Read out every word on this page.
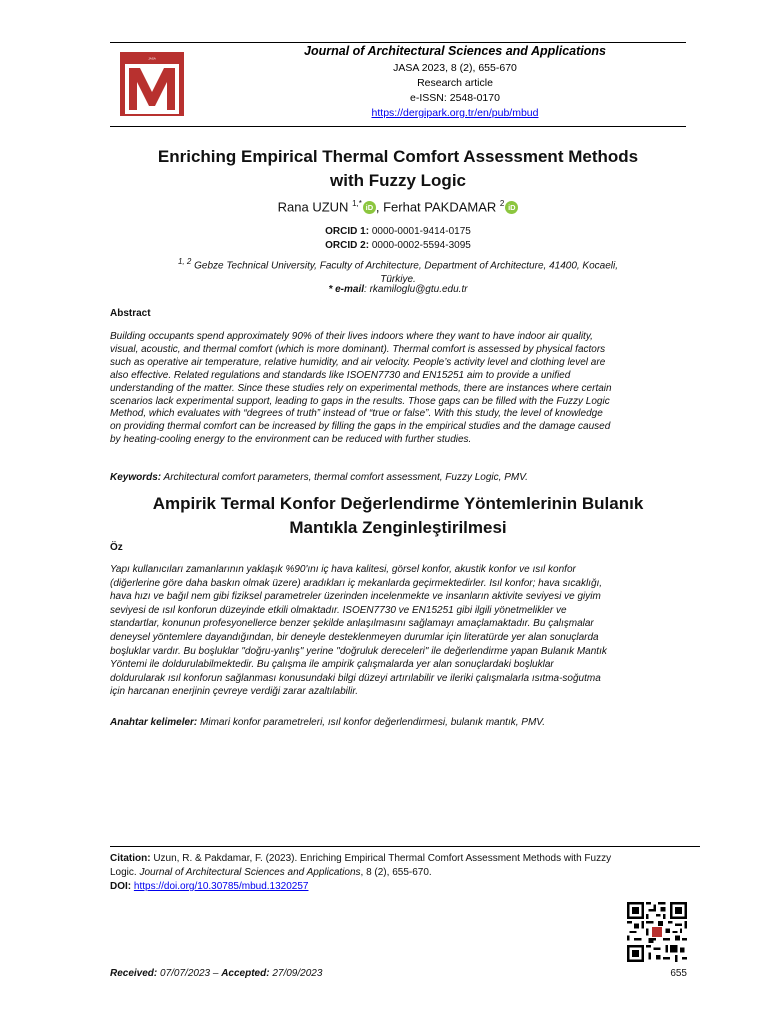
JASA
Journal of Architectural Sciences and Applications
JASA 2023, 8 (2), 655-670
Research article
e-ISSN: 2548-0170
https://dergipark.org.tr/en/pub/mbud
Enriching Empirical Thermal Comfort Assessment Methods
with Fuzzy Logic
Rana UZUN $^{1,*}$ iD , Ferhat PAKDAMAR $^2$ iD
ORCID 1: 0000-0001-9414-0175
ORCID 2: 0000-0002-5594-3095
$^{1, 2}$ Gebze Technical University, Faculty of Architecture, Department of Architecture, 41400, Kocaeli,
Türkiye.
* e-mail: rkamiloglu@gtu.edu.tr
Abstract
Building occupants spend approximately 90% of their lives indoors where they want to have indoor air quality,
visual, acoustic, and thermal comfort (which is more dominant). Thermal comfort is assessed by physical factors
such as operative air temperature, relative humidity, and air velocity. People’s activity level and clothing level are
also effective. Related regulations and standards like ISOEN7730 and EN15251 aim to provide a unified
understanding of the matter. Since these studies rely on experimental methods, there are instances where certain
scenarios lack experimental support, leading to gaps in the results. Those gaps can be filled with the Fuzzy Logic
Method, which evaluates with “degrees of truth” instead of “true or false”. With this study, the level of knowledge
on providing thermal comfort can be increased by filling the gaps in the empirical studies and the damage caused
by heating-cooling energy to the environment can be reduced with further studies.
Keywords: Architectural comfort parameters, thermal comfort assessment, Fuzzy Logic, PMV.
Ampirik Termal Konfor Değerlendirme Yöntemlerinin Bulanık
Mantıkla Zenginleştirilmesi
Öz
Yapı kullanıcıları zamanlarının yaklaşık %90'ını iç hava kalitesi, görsel konfor, akustik konfor ve ısıl konfor
(diğerlerine göre daha baskın olmak üzere) aradıkları iç mekanlarda geçirmektedirler. Isıl konfor; hava sıcaklığı,
hava hızı ve bağıl nem gibi fiziksel parametreler üzerinden incelenmekte ve insanların aktivite seviyesi ve giyim
seviyesi de ısıl konforun düzeyinde etkili olmaktadır. ISOEN7730 ve EN15251 gibi ilgili yönetmelikler ve
standartlar, konunun profesyonellerce benzer şekilde anlaşılmasını sağlamayı amaçlamaktadır. Bu çalışmalar
deneysel yöntemlere dayandığından, bir deneyle desteklenmeyen durumlar için literatürde yer alan sonuçlarda
boşluklar vardır. Bu boşluklar "doğru-yanlış" yerine "doğruluk dereceleri" ile değerlendirme yapan Bulanık Mantık
Yöntemi ile doldurulabilmektedir. Bu çalışma ile ampirik çalışmalarda yer alan sonuçlardaki boşluklar
doldurularak ısıl konforun sağlanması konusundaki bilgi düzeyi artırılabilir ve ileriki çalışmalarla ısıtma-soğutma
için harcanan enerjinin çevreye verdiği zarar azaltılabilir.
Anahtar kelimeler: Mimari konfor parametreleri, ısıl konfor değerlendirmesi, bulanık mantık, PMV.
Citation: Uzun, R. & Pakdamar, F. (2023). Enriching Empirical Thermal Comfort Assessment Methods with Fuzzy
Logic. Journal of Architectural Sciences and Applications, 8 (2), 655-670.
DOI: https://doi.org/10.30785/mbud.1320257
Received: 07/07/2023 – Accepted: 27/09/2023	655
